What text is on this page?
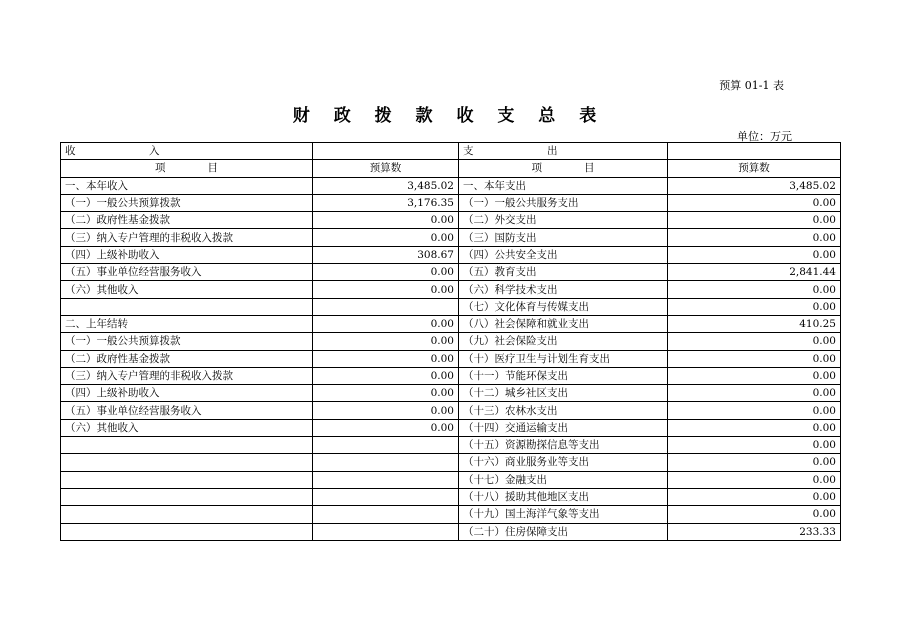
预算 01-1 表
财 政 拨 款 收 支 总 表
单位：万元
收　　　　　　　入		支　　　　　　　出	
项　　　　目	预算数	项　　　　目	预算数
一、本年收入	3,485.02	一、本年支出	3,485.02
（一）一般公共预算拨款	3,176.35	（一）一般公共服务支出	0.00
（二）政府性基金拨款	0.00	（二）外交支出	0.00
（三）纳入专户管理的非税收入拨款	0.00	（三）国防支出	0.00
（四）上级补助收入	308.67	（四）公共安全支出	0.00
（五）事业单位经营服务收入	0.00	（五）教育支出	2,841.44
（六）其他收入	0.00	（六）科学技术支出	0.00
		（七）文化体育与传媒支出	0.00
二、上年结转	0.00	（八）社会保障和就业支出	410.25
（一）一般公共预算拨款	0.00	（九）社会保险支出	0.00
（二）政府性基金拨款	0.00	（十）医疗卫生与计划生育支出	0.00
（三）纳入专户管理的非税收入拨款	0.00	（十一）节能环保支出	0.00
（四）上级补助收入	0.00	（十二）城乡社区支出	0.00
（五）事业单位经营服务收入	0.00	（十三）农林水支出	0.00
（六）其他收入	0.00	（十四）交通运输支出	0.00
		（十五）资源勘探信息等支出	0.00
		（十六）商业服务业等支出	0.00
		（十七）金融支出	0.00
		（十八）援助其他地区支出	0.00
		（十九）国土海洋气象等支出	0.00
		（二十）住房保障支出	233.33
